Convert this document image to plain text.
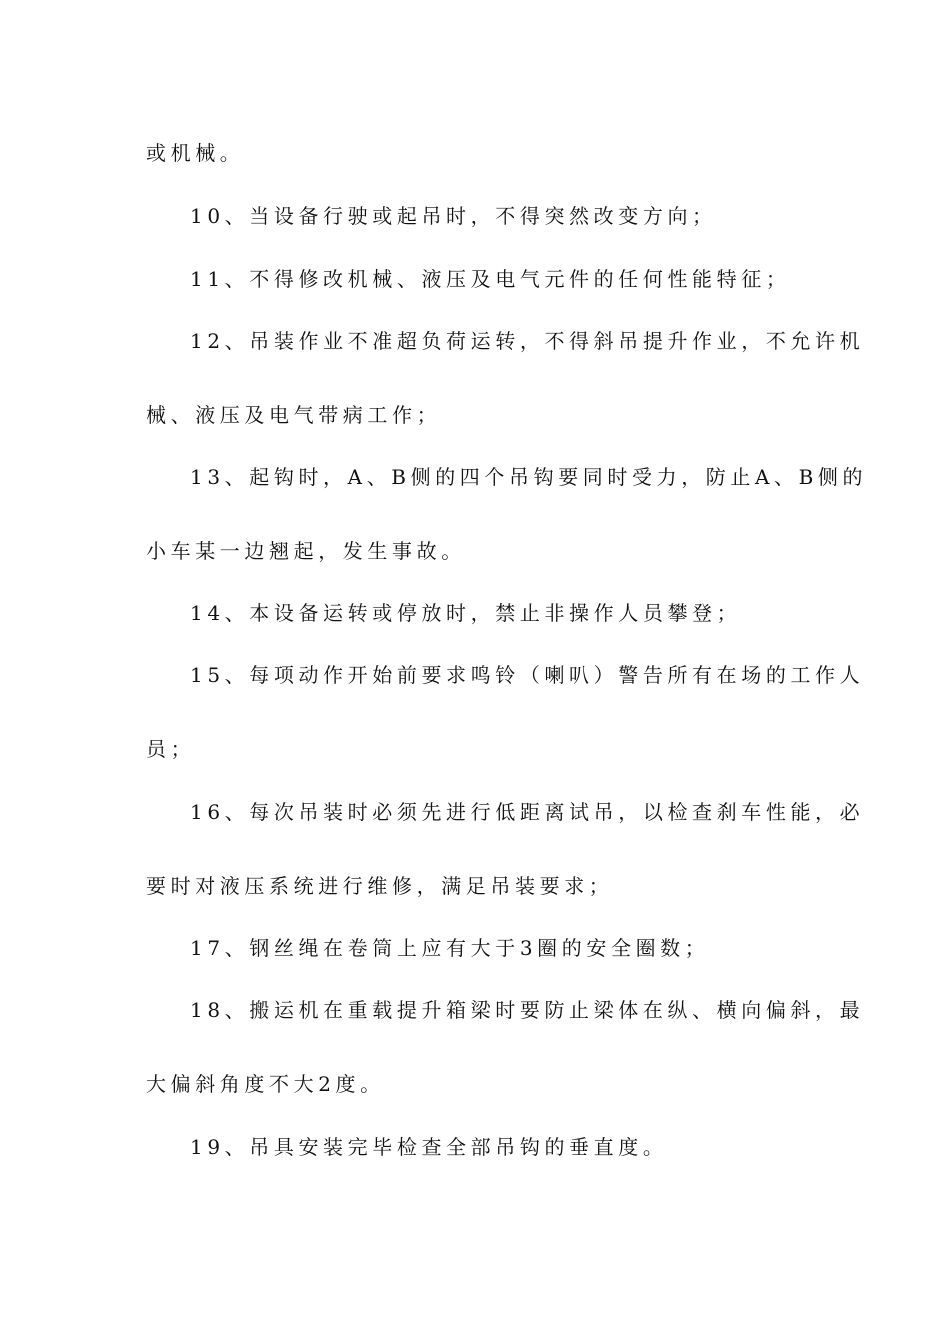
或机械。
10、当设备行驶或起吊时，不得突然改变方向；
11、不得修改机械、液压及电气元件的任何性能特征；
12、吊装作业不准超负荷运转，不得斜吊提升作业，不允许机
械、液压及电气带病工作；
13、起钩时，A、B侧的四个吊钩要同时受力，防止A、B侧的
小车某一边翘起，发生事故。
14、本设备运转或停放时，禁止非操作人员攀登；
15、每项动作开始前要求鸣铃（喇叭）警告所有在场的工作人
员；
16、每次吊装时必须先进行低距离试吊，以检查刹车性能，必
要时对液压系统进行维修，满足吊装要求；
17、钢丝绳在卷筒上应有大于3圈的安全圈数；
18、搬运机在重载提升箱梁时要防止梁体在纵、横向偏斜，最
大偏斜角度不大2度。
19、吊具安装完毕检查全部吊钩的垂直度。
